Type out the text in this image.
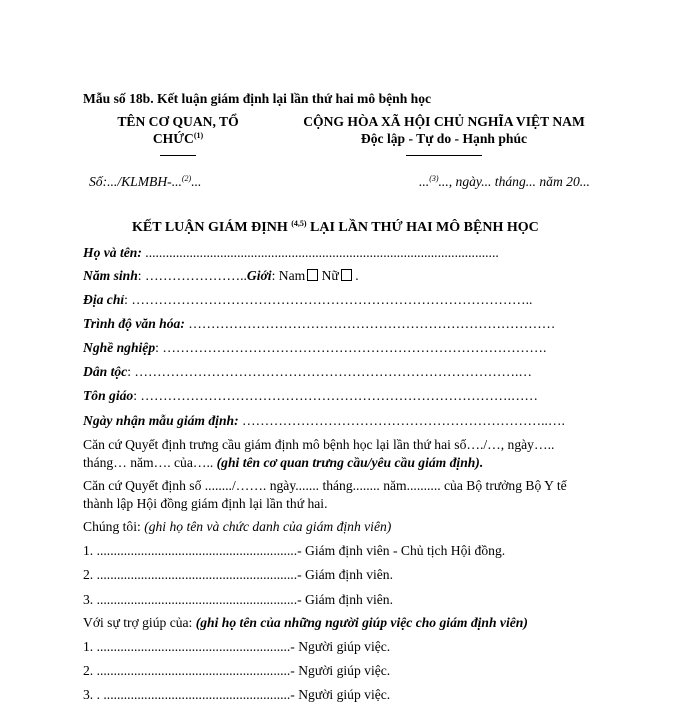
Mẫu số 18b. Kết luận giám định lại lần thứ hai mô bệnh học
TÊN CƠ QUAN, TỔ
CHỨC$^{(1)}$
CỘNG HÒA XÃ HỘI CHỦ NGHĨA VIỆT NAM
Độc lập - Tự do - Hạnh phúc
Số:.../KLMBH-...$^{(2)}$...	...$^{(3)}$..., ngày... tháng... năm 20...
KẾT LUẬN GIÁM ĐỊNH $^{(4,5)}$ LẠI LẦN THỨ HAI MÔ BỆNH HỌC
Họ và tên: ........................................................................................................
Năm sinh: …………………..Giới: Nam Nữ .
Địa chỉ: ……………………………………………………………………………..
Trình độ văn hóa: ………………………………………………………………………
Nghề nghiệp: ………………………………………………………………………….
Dân tộc: ………………………………………………………………………….…
Tôn giáo: ……………………………………………………………………….……
Ngày nhận mẫu giám định: …………………………………………………………..….
Căn cứ Quyết định trưng cầu giám định mô bệnh học lại lần thứ hai số…./…, ngày…..
tháng… năm…. của….. (ghi tên cơ quan trưng cầu/yêu cầu giám định).
Căn cứ Quyết định số ......../……. ngày....... tháng........ năm.......... của Bộ trưởng Bộ Y tế
thành lập Hội đồng giám định lại lần thứ hai.
Chúng tôi: (ghi họ tên và chức danh của giám định viên)
1. ...........................................................- Giám định viên - Chủ tịch Hội đồng.
2. ...........................................................- Giám định viên.
3. ...........................................................- Giám định viên.
Với sự trợ giúp của: (ghi họ tên của những người giúp việc cho giám định viên)
1. .........................................................- Người giúp việc.
2. .........................................................- Người giúp việc.
3. . .......................................................- Người giúp việc.
